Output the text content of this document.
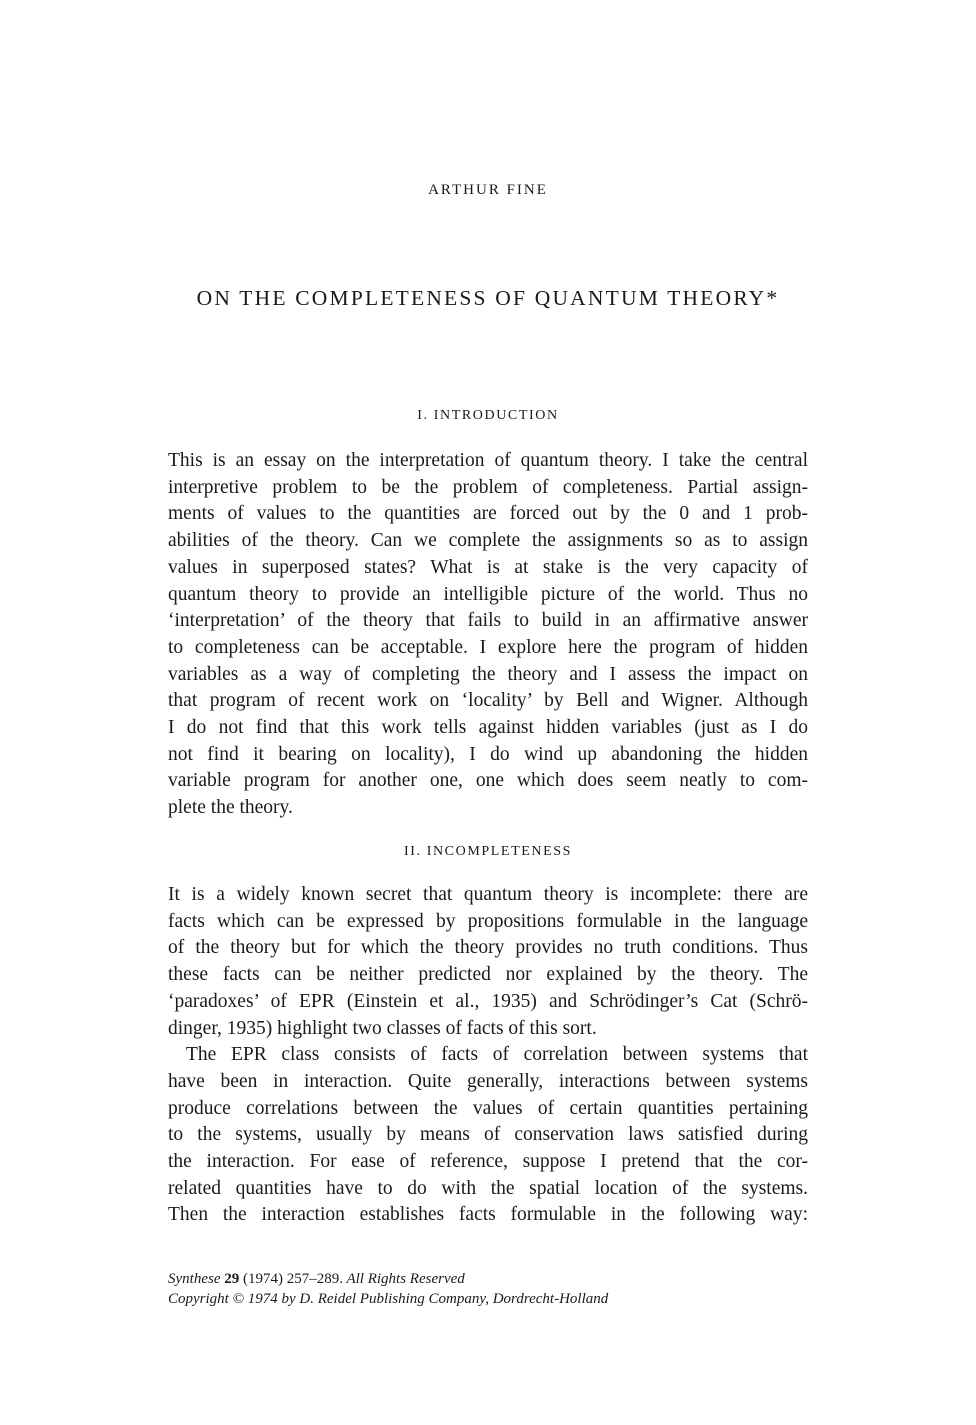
ARTHUR FINE
ON THE COMPLETENESS OF QUANTUM THEORY*
I. INTRODUCTION
This is an essay on the interpretation of quantum theory. I take the central
interpretive problem to be the problem of completeness. Partial assign-
ments of values to the quantities are forced out by the 0 and 1 prob-
abilities of the theory. Can we complete the assignments so as to assign
values in superposed states? What is at stake is the very capacity of
quantum theory to provide an intelligible picture of the world. Thus no
‘interpretation’ of the theory that fails to build in an affirmative answer
to completeness can be acceptable. I explore here the program of hidden
variables as a way of completing the theory and I assess the impact on
that program of recent work on ‘locality’ by Bell and Wigner. Although
I do not find that this work tells against hidden variables (just as I do
not find it bearing on locality), I do wind up abandoning the hidden
variable program for another one, one which does seem neatly to com-
plete the theory.
II. INCOMPLETENESS
It is a widely known secret that quantum theory is incomplete: there are
facts which can be expressed by propositions formulable in the language
of the theory but for which the theory provides no truth conditions. Thus
these facts can be neither predicted nor explained by the theory. The
‘paradoxes’ of EPR (Einstein et al., 1935) and Schrödinger’s Cat (Schrö-
dinger, 1935) highlight two classes of facts of this sort.
The EPR class consists of facts of correlation between systems that
have been in interaction. Quite generally, interactions between systems
produce correlations between the values of certain quantities pertaining
to the systems, usually by means of conservation laws satisfied during
the interaction. For ease of reference, suppose I pretend that the cor-
related quantities have to do with the spatial location of the systems.
Then the interaction establishes facts formulable in the following way:
Synthese 29 (1974) 257–289. All Rights Reserved
Copyright © 1974 by D. Reidel Publishing Company, Dordrecht-Holland
